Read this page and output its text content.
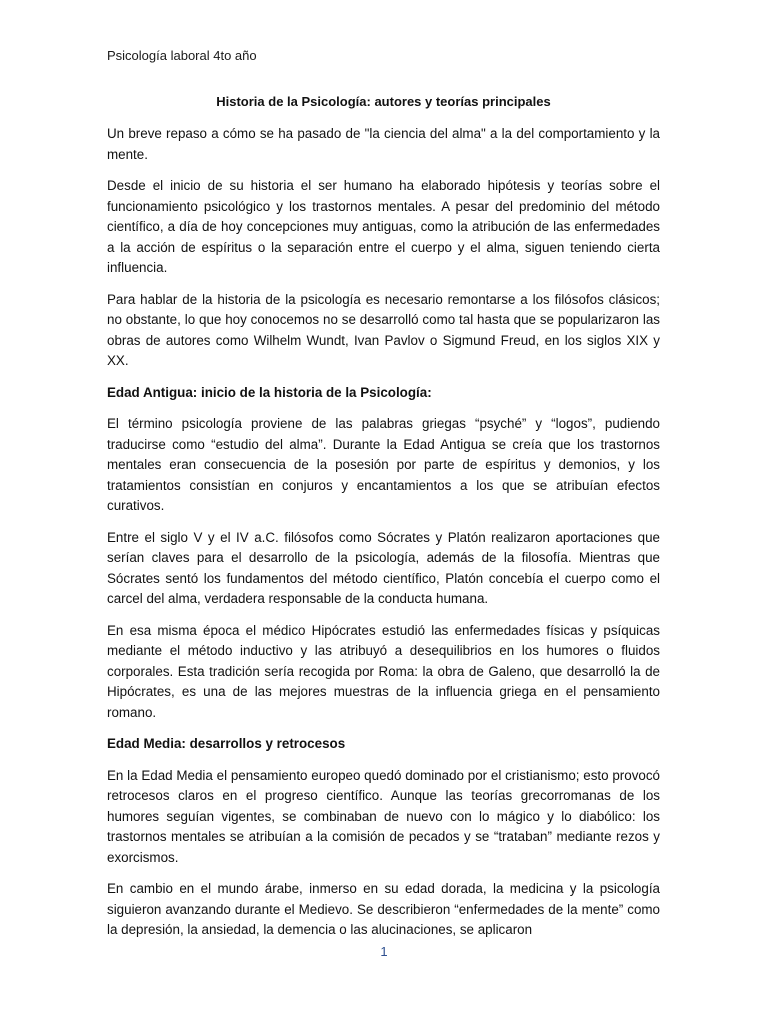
Psicología laboral 4to año
Historia de la Psicología: autores y teorías principales

Un breve repaso a cómo se ha pasado de "la ciencia del alma" a la del comportamiento y la mente.

Desde el inicio de su historia el ser humano ha elaborado hipótesis y teorías sobre el funcionamiento psicológico y los trastornos mentales. A pesar del predominio del método científico, a día de hoy concepciones muy antiguas, como la atribución de las enfermedades a la acción de espíritus o la separación entre el cuerpo y el alma, siguen teniendo cierta influencia.

Para hablar de la historia de la psicología es necesario remontarse a los filósofos clásicos; no obstante, lo que hoy conocemos no se desarrolló como tal hasta que se popularizaron las obras de autores como Wilhelm Wundt, Ivan Pavlov o Sigmund Freud, en los siglos XIX y XX.

Edad Antigua: inicio de la historia de la Psicología:

El término psicología proviene de las palabras griegas “psyché” y “logos”, pudiendo traducirse como “estudio del alma”. Durante la Edad Antigua se creía que los trastornos mentales eran consecuencia de la posesión por parte de espíritus y demonios, y los tratamientos consistían en conjuros y encantamientos a los que se atribuían efectos curativos.

Entre el siglo V y el IV a.C. filósofos como Sócrates y Platón realizaron aportaciones que serían claves para el desarrollo de la psicología, además de la filosofía. Mientras que Sócrates sentó los fundamentos del método científico, Platón concebía el cuerpo como el carcel del alma, verdadera responsable de la conducta humana.

En esa misma época el médico Hipócrates estudió las enfermedades físicas y psíquicas mediante el método inductivo y las atribuyó a desequilibrios en los humores o fluidos corporales. Esta tradición sería recogida por Roma: la obra de Galeno, que desarrolló la de Hipócrates, es una de las mejores muestras de la influencia griega en el pensamiento romano.

Edad Media: desarrollos y retrocesos

En la Edad Media el pensamiento europeo quedó dominado por el cristianismo; esto provocó retrocesos claros en el progreso científico. Aunque las teorías grecorromanas de los humores seguían vigentes, se combinaban de nuevo con lo mágico y lo diabólico: los trastornos mentales se atribuían a la comisión de pecados y se “trataban” mediante rezos y exorcismos.

En cambio en el mundo árabe, inmerso en su edad dorada, la medicina y la psicología siguieron avanzando durante el Medievo. Se describieron “enfermedades de la mente” como la depresión, la ansiedad, la demencia o las alucinaciones, se aplicaron

1
